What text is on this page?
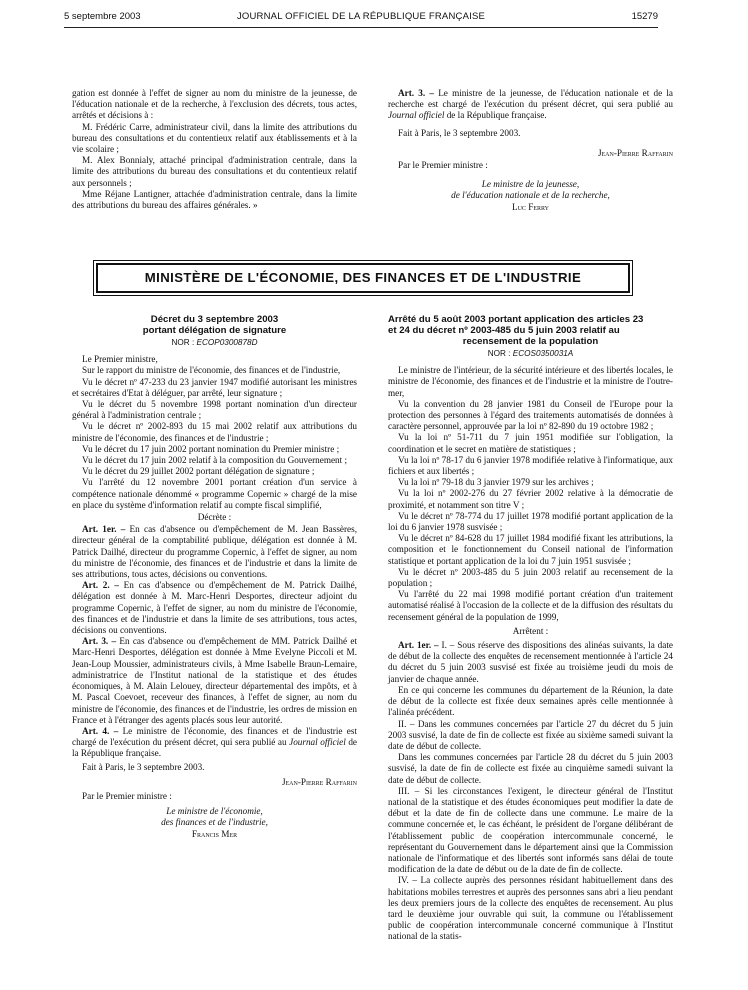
5 septembre 2003	JOURNAL OFFICIEL DE LA RÉPUBLIQUE FRANÇAISE	15279

gation est donnée à l'effet de signer au nom du ministre de la jeunesse, de l'éducation nationale et de la recherche, à l'exclusion des décrets, tous actes, arrêtés et décisions à :

M. Frédéric Carre, administrateur civil, dans la limite des attributions du bureau des consultations et du contentieux relatif aux établissements et à la vie scolaire ;

M. Alex Bonnialy, attaché principal d'administration centrale, dans la limite des attributions du bureau des consultations et du contentieux relatif aux personnels ;

Mme Réjane Lantigner, attachée d'administration centrale, dans la limite des attributions du bureau des affaires générales. »

Art. 3. – Le ministre de la jeunesse, de l'éducation nationale et de la recherche est chargé de l'exécution du présent décret, qui sera publié au Journal officiel de la République française.

Fait à Paris, le 3 septembre 2003.

Jean-Pierre Raffarin

Par le Premier ministre :

Le ministre de la jeunesse,

de l'éducation nationale et de la recherche,

Luc Ferry

MINISTÈRE DE L'ÉCONOMIE, DES FINANCES ET DE L'INDUSTRIE
Décret du 3 septembre 2003
portant délégation de signature
NOR : ECOP0300878D

Le Premier ministre,

Sur le rapport du ministre de l'économie, des finances et de l'industrie,

Vu le décret nº 47-233 du 23 janvier 1947 modifié autorisant les ministres et secrétaires d'Etat à déléguer, par arrêté, leur signature ;

Vu le décret du 5 novembre 1998 portant nomination d'un directeur général à l'administration centrale ;

Vu le décret nº 2002-893 du 15 mai 2002 relatif aux attributions du ministre de l'économie, des finances et de l'industrie ;

Vu le décret du 17 juin 2002 portant nomination du Premier ministre ;

Vu le décret du 17 juin 2002 relatif à la composition du Gouvernement ;

Vu le décret du 29 juillet 2002 portant délégation de signature ;

Vu l'arrêté du 12 novembre 2001 portant création d'un service à compétence nationale dénommé « programme Copernic » chargé de la mise en place du système d'information relatif au compte fiscal simplifié,

Décrète :

Art. 1er. – En cas d'absence ou d'empêchement de M. Jean Bassères, directeur général de la comptabilité publique, délégation est donnée à M. Patrick Dailhé, directeur du programme Copernic, à l'effet de signer, au nom du ministre de l'économie, des finances et de l'industrie et dans la limite de ses attributions, tous actes, décisions ou conventions.

Art. 2. – En cas d'absence ou d'empêchement de M. Patrick Dailhé, délégation est donnée à M. Marc-Henri Desportes, directeur adjoint du programme Copernic, à l'effet de signer, au nom du ministre de l'économie, des finances et de l'industrie et dans la limite de ses attributions, tous actes, décisions ou conventions.

Art. 3. – En cas d'absence ou d'empêchement de MM. Patrick Dailhé et Marc-Henri Desportes, délégation est donnée à Mme Evelyne Piccoli et M. Jean-Loup Moussier, administrateurs civils, à Mme Isabelle Braun-Lemaire, administratrice de l'Institut national de la statistique et des études économiques, à M. Alain Lelouey, directeur départemental des impôts, et à M. Pascal Coevoet, receveur des finances, à l'effet de signer, au nom du ministre de l'économie, des finances et de l'industrie, les ordres de mission en France et à l'étranger des agents placés sous leur autorité.

Art. 4. – Le ministre de l'économie, des finances et de l'industrie est chargé de l'exécution du présent décret, qui sera publié au Journal officiel de la République française.

Fait à Paris, le 3 septembre 2003.

Jean-Pierre Raffarin

Par le Premier ministre :

Le ministre de l'économie,

des finances et de l'industrie,

Francis Mer

Arrêté du 5 août 2003 portant application des articles 23
et 24 du décret nº 2003-485 du 5 juin 2003 relatif au
recensement de la population
NOR : ECOS0350031A

Le ministre de l'intérieur, de la sécurité intérieure et des libertés locales, le ministre de l'économie, des finances et de l'industrie et la ministre de l'outre-mer,

Vu la convention du 28 janvier 1981 du Conseil de l'Europe pour la protection des personnes à l'égard des traitements automatisés de données à caractère personnel, approuvée par la loi nº 82-890 du 19 octobre 1982 ;

Vu la loi nº 51-711 du 7 juin 1951 modifiée sur l'obligation, la coordination et le secret en matière de statistiques ;

Vu la loi nº 78-17 du 6 janvier 1978 modifiée relative à l'informatique, aux fichiers et aux libertés ;

Vu la loi nº 79-18 du 3 janvier 1979 sur les archives ;

Vu la loi nº 2002-276 du 27 février 2002 relative à la démocratie de proximité, et notamment son titre V ;

Vu le décret nº 78-774 du 17 juillet 1978 modifié portant application de la loi du 6 janvier 1978 susvisée ;

Vu le décret nº 84-628 du 17 juillet 1984 modifié fixant les attributions, la composition et le fonctionnement du Conseil national de l'information statistique et portant application de la loi du 7 juin 1951 susvisée ;

Vu le décret nº 2003-485 du 5 juin 2003 relatif au recensement de la population ;

Vu l'arrêté du 22 mai 1998 modifié portant création d'un traitement automatisé réalisé à l'occasion de la collecte et de la diffusion des résultats du recensement général de la population de 1999,

Arrêtent :

Art. 1er. – I. – Sous réserve des dispositions des alinéas suivants, la date de début de la collecte des enquêtes de recensement mentionnée à l'article 24 du décret du 5 juin 2003 susvisé est fixée au troisième jeudi du mois de janvier de chaque année.

En ce qui concerne les communes du département de la Réunion, la date de début de la collecte est fixée deux semaines après celle mentionnée à l'alinéa précédent.

II. – Dans les communes concernées par l'article 27 du décret du 5 juin 2003 susvisé, la date de fin de collecte est fixée au sixième samedi suivant la date de début de collecte.

Dans les communes concernées par l'article 28 du décret du 5 juin 2003 susvisé, la date de fin de collecte est fixée au cinquième samedi suivant la date de début de collecte.

III. – Si les circonstances l'exigent, le directeur général de l'Institut national de la statistique et des études économiques peut modifier la date de début et la date de fin de collecte dans une commune. Le maire de la commune concernée et, le cas échéant, le président de l'organe délibérant de l'établissement public de coopération intercommunale concerné, le représentant du Gouvernement dans le département ainsi que la Commission nationale de l'informatique et des libertés sont informés sans délai de toute modification de la date de début ou de la date de fin de collecte.

IV. – La collecte auprès des personnes résidant habituellement dans des habitations mobiles terrestres et auprès des personnes sans abri a lieu pendant les deux premiers jours de la collecte des enquêtes de recensement. Au plus tard le deuxième jour ouvrable qui suit, la commune ou l'établissement public de coopération intercommunale concerné communique à l'Institut national de la statis-
